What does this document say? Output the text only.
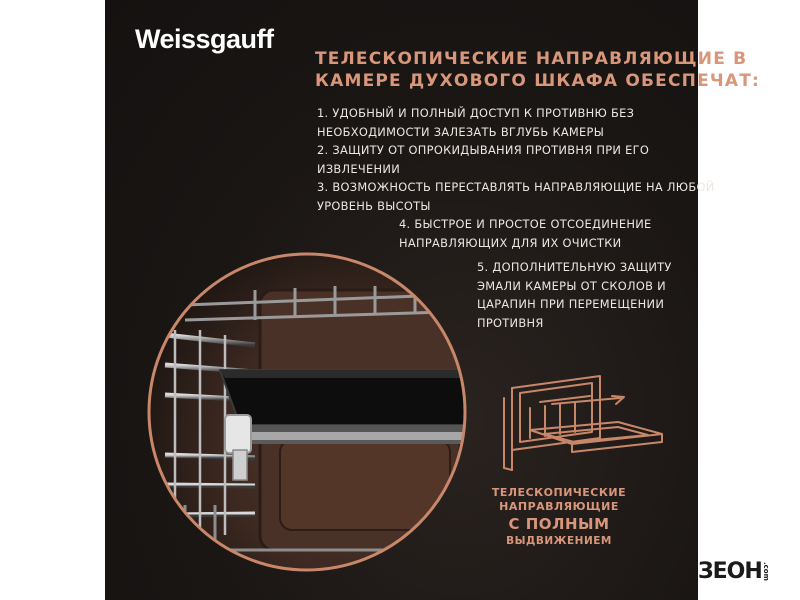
Weissgauff
ТЕЛЕСКОПИЧЕСКИЕ НАПРАВЛЯЮЩИЕ В
КАМЕРЕ ДУХОВОГО ШКАФА ОБЕСПЕЧАТ:
1. УДОБНЫЙ И ПОЛНЫЙ ДОСТУП К ПРОТИВНЮ БЕЗ
НЕОБХОДИМОСТИ ЗАЛЕЗАТЬ ВГЛУБЬ КАМЕРЫ
2. ЗАЩИТУ ОТ ОПРОКИДЫВАНИЯ ПРОТИВНЯ ПРИ ЕГО
ИЗВЛЕЧЕНИИ
3. ВОЗМОЖНОСТЬ ПЕРЕСТАВЛЯТЬ НАПРАВЛЯЮЩИЕ НА ЛЮБОЙ
УРОВЕНЬ ВЫСОТЫ
4. БЫСТРОЕ И ПРОСТОЕ ОТСОЕДИНЕНИЕ
НАПРАВЛЯЮЩИХ ДЛЯ ИХ ОЧИСТКИ
5. ДОПОЛНИТЕЛЬНУЮ ЗАЩИТУ
ЭМАЛИ КАМЕРЫ ОТ СКОЛОВ И
ЦАРАПИН ПРИ ПЕРЕМЕЩЕНИИ
ПРОТИВНЯ
ТЕЛЕСКОПИЧЕСКИЕ
НАПРАВЛЯЮЩИЕ
С ПОЛНЫМ
ВЫДВИЖЕНИЕМ
ЗЕОН .com
